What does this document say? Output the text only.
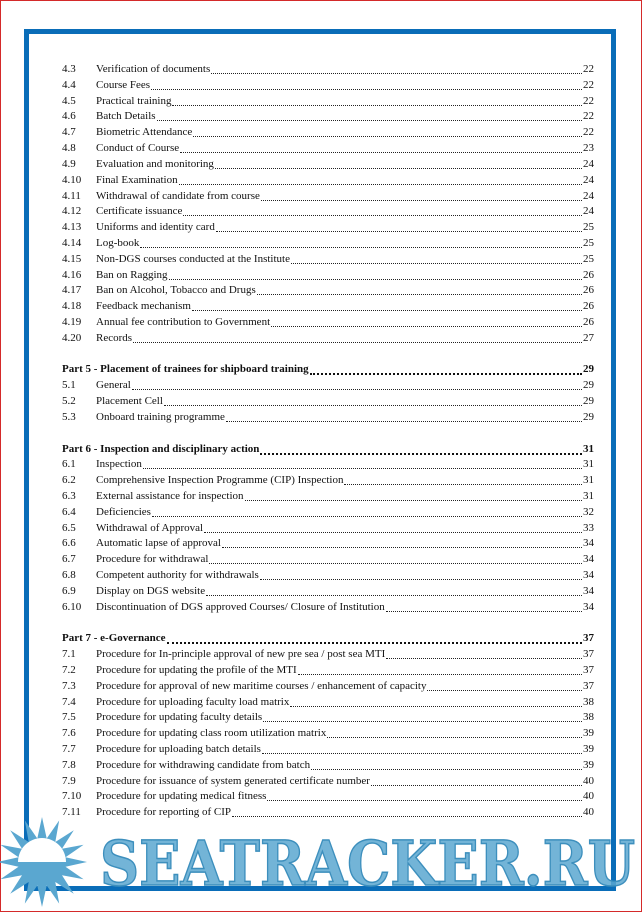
4.3	Verification of documents	22
4.4	Course Fees	22
4.5	Practical training	22
4.6	Batch Details	22
4.7	Biometric Attendance	22
4.8	Conduct of Course	23
4.9	Evaluation and monitoring	24
4.10	Final Examination	24
4.11	Withdrawal of candidate from course	24
4.12	Certificate issuance	24
4.13	Uniforms and identity card	25
4.14	Log-book	25
4.15	Non-DGS courses conducted at the Institute	25
4.16	Ban on Ragging	26
4.17	Ban on Alcohol, Tobacco and Drugs	26
4.18	Feedback mechanism	26
4.19	Annual fee contribution to Government	26
4.20	Records	27
Part 5 - Placement of trainees for shipboard training	29
5.1	General	29
5.2	Placement Cell	29
5.3	Onboard training programme	29
Part 6 - Inspection and disciplinary action	31
6.1	Inspection	31
6.2	Comprehensive Inspection Programme (CIP) Inspection	31
6.3	External assistance for inspection	31
6.4	Deficiencies	32
6.5	Withdrawal of Approval	33
6.6	Automatic lapse of approval	34
6.7	Procedure for withdrawal	34
6.8	Competent authority for withdrawals	34
6.9	Display on DGS website	34
6.10	Discontinuation of DGS approved Courses/ Closure of Institution	34
Part 7 - e-Governance	37
7.1	Procedure for In-principle approval of new pre sea / post sea MTI	37
7.2	Procedure for updating the profile of the MTI	37
7.3	Procedure for approval of new maritime courses / enhancement of capacity	37
7.4	Procedure for uploading faculty load matrix	38
7.5	Procedure for updating faculty details	38
7.6	Procedure for updating class room utilization matrix	39
7.7	Procedure for uploading batch details	39
7.8	Procedure for withdrawing candidate from batch	39
7.9	Procedure for issuance of system generated certificate number	40
7.10	Procedure for updating medical fitness	40
7.11	Procedure for reporting of CIP	40
SEATRACKER.RU
